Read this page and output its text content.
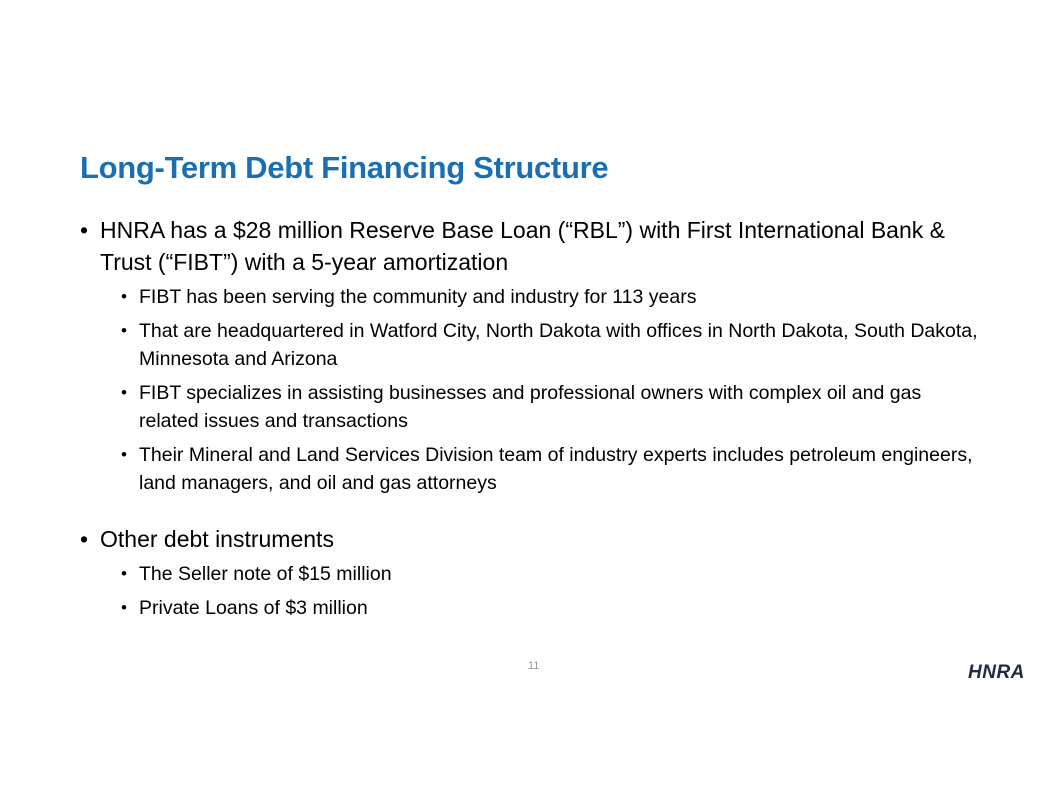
Long-Term Debt Financing Structure
• HNRA has a $28 million Reserve Base Loan (“RBL”) with First International Bank & Trust (“FIBT”) with a 5-year amortization
• FIBT has been serving the community and industry for 113 years
• That are headquartered in Watford City, North Dakota with offices in North Dakota, South Dakota, Minnesota and Arizona
• FIBT specializes in assisting businesses and professional owners with complex oil and gas related issues and transactions
• Their Mineral and Land Services Division team of industry experts includes petroleum engineers, land managers, and oil and gas attorneys
• Other debt instruments
• The Seller note of $15 million
• Private Loans of $3 million
11	HNRA
